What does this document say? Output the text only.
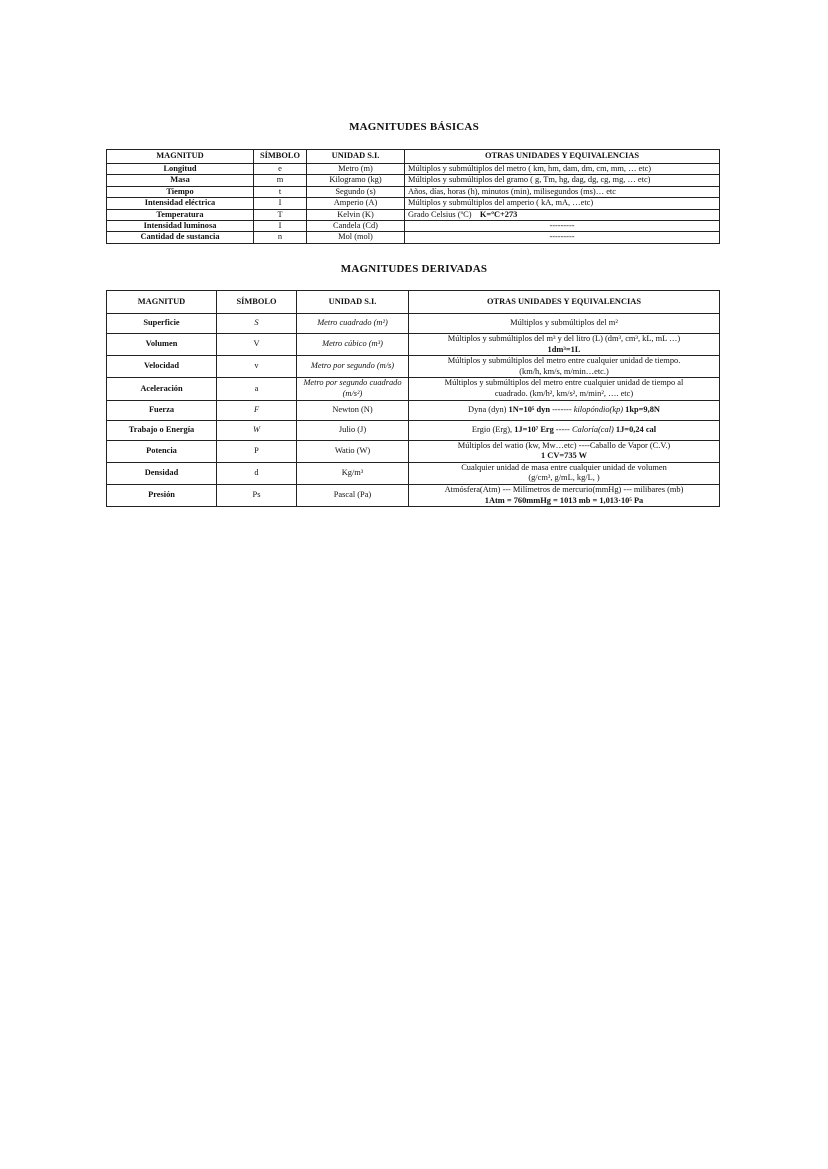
MAGNITUDES BÁSICAS
MAGNITUD	SÍMBOLO	UNIDAD S.I.	OTRAS UNIDADES Y EQUIVALENCIAS
Longitud	e	Metro (m)	Múltiplos y submúltiplos del metro ( km, hm, dam, dm, cm, mm, … etc)
Masa	m	Kilogramo (kg)	Múltiplos y submúltiplos del gramo ( g, Tm, hg, dag, dg, cg, mg, … etc)
Tiempo	t	Segundo (s)	Años, días, horas (h), minutos (min), milisegundos (ms)… etc
Intensidad eléctrica	I	Amperio (A)	Múltiplos y submúltiplos del amperio ( kA, mA, …etc)
Temperatura	T	Kelvin (K)	Grado Celsius (ºC) K=ºC+273
Intensidad luminosa	I	Candela (Cd)	---------
Cantidad de sustancia	n	Mol (mol)	---------
MAGNITUDES DERIVADAS
MAGNITUD	SÍMBOLO	UNIDAD S.I.	OTRAS UNIDADES Y EQUIVALENCIAS
Superficie	S	Metro cuadrado (m²)	Múltiplos y submúltiplos del m²
Volumen	V	Metro cúbico (m³)	Múltiplos y submúltiplos del m³ y del litro (L) (dm³, cm³, kL, mL …)
1dm³=1L

Velocidad	v	Metro por segundo (m/s)	Múltiplos y submúltiplos del metro entre cualquier unidad de tiempo.
(km/h, km/s, m/min…etc.)

Aceleración	a	Metro por segundo cuadrado (m/s²)	Múltiplos y submúltiplos del metro entre cualquier unidad de tiempo al
cuadrado. (km/h², km/s², m/min², …. etc)

Fuerza	F	Newton (N)	Dyna (dyn) 1N=10⁵ dyn ------- kilopóndio(kp) 1kp=9,8N
Trabajo o Energía	W	Julio (J)	Ergio (Erg), 1J=10⁷ Erg ----- Caloría(cal) 1J=0,24 cal
Potencia	P	Watio (W)	Múltiplos del watio (kw, Mw…etc) ----Caballo de Vapor (C.V.)
1 CV=735 W

Densidad	d	Kg/m³	Cualquier unidad de masa entre cualquier unidad de volumen
(g/cm³, g/mL, kg/L, )

Presión	Ps	Pascal (Pa)	Atmósfera(Atm) --- Milímetros de mercurio(mmHg) --- milibares (mb)
1Atm = 760mmHg = 1013 mb = 1,013·10⁵ Pa
